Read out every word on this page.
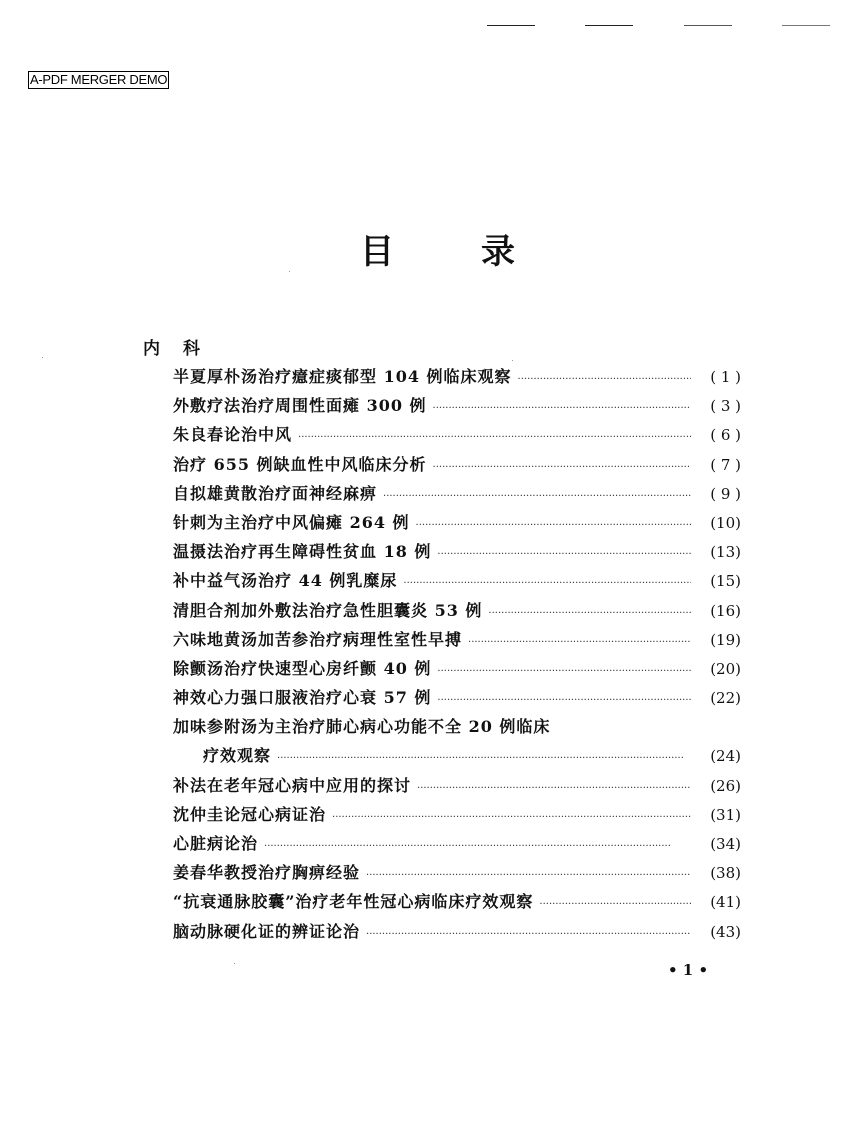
A-PDF MERGER DEMO
目	录
内 科
半夏厚朴汤治疗癔症痰郁型 104 例临床观察 ·····	( 1 )
外敷疗法治疗周围性面瘫 300 例 ·····	( 3 )
朱良春论治中风 ·····	( 6 )
治疗 655 例缺血性中风临床分析 ·····	( 7 )
自拟雄黄散治疗面神经麻痹 ·····	( 9 )
针刺为主治疗中风偏瘫 264 例 ·····	(10)
温摄法治疗再生障碍性贫血 18 例 ·····	(13)
补中益气汤治疗 44 例乳糜尿 ·····	(15)
清胆合剂加外敷法治疗急性胆囊炎 53 例 ·····	(16)
六味地黄汤加苦参治疗病理性室性早搏 ·····	(19)
除颤汤治疗快速型心房纤颤 40 例 ·····	(20)
神效心力强口服液治疗心衰 57 例 ·····	(22)
加味参附汤为主治疗肺心病心功能不全 20 例临床
疗效观察 ·····	(24)
补法在老年冠心病中应用的探讨 ·····	(26)
沈仲圭论冠心病证治 ·····	(31)
心脏病论治 ·····	(34)
姜春华教授治疗胸痹经验 ·····	(38)
“抗衰通脉胶囊”治疗老年性冠心病临床疗效观察 ·····	(41)
脑动脉硬化证的辨证论治 ·····	(43)
• 1 •
